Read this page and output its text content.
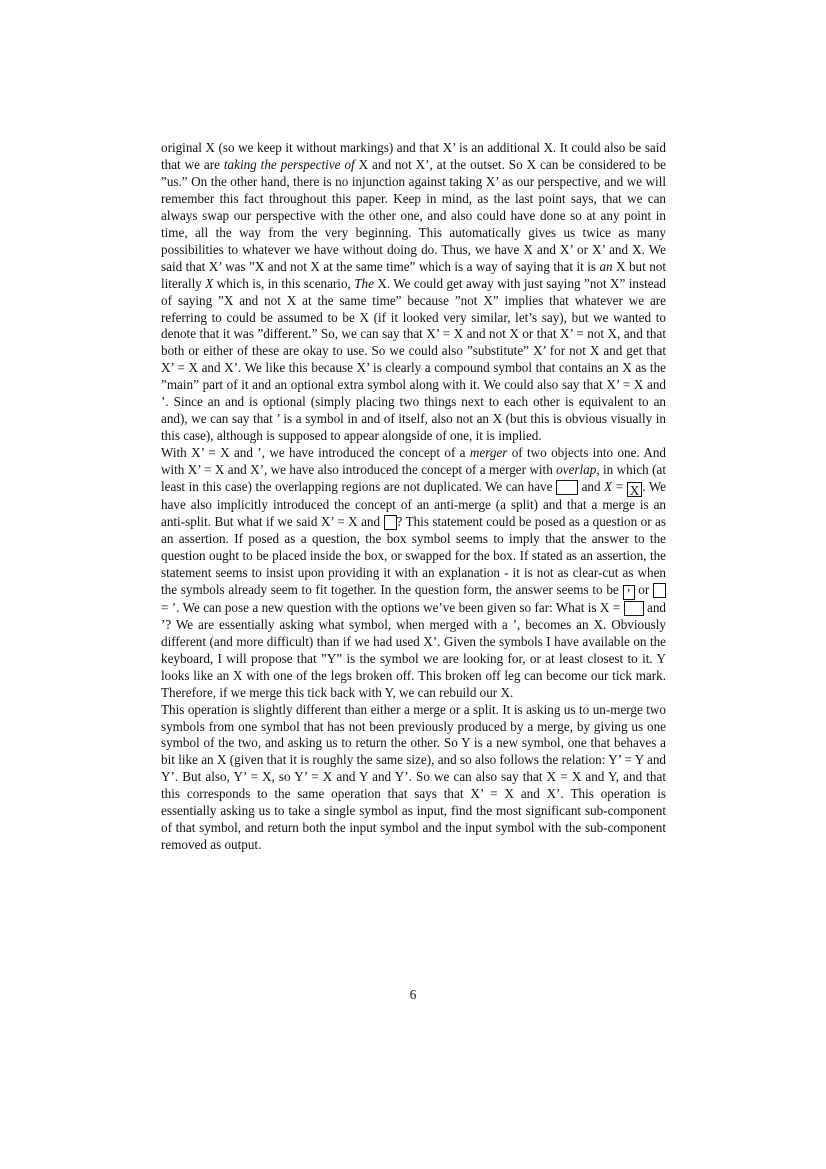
original X (so we keep it without markings) and that X’ is an additional X. It could also be said that we are taking the perspective of X and not X’, at the outset. So X can be considered to be ”us.” On the other hand, there is no injunction against taking X’ as our perspective, and we will remember this fact throughout this paper. Keep in mind, as the last point says, that we can always swap our perspective with the other one, and also could have done so at any point in time, all the way from the very beginning. This automatically gives us twice as many possibilities to whatever we have without doing do. Thus, we have X and X’ or X’ and X. We said that X’ was ”X and not X at the same time” which is a way of saying that it is an X but not literally X which is, in this scenario, The X. We could get away with just saying ”not X” instead of saying ”X and not X at the same time” because ”not X” implies that whatever we are referring to could be assumed to be X (if it looked very similar, let’s say), but we wanted to denote that it was ”different.” So, we can say that X’ = X and not X or that X’ = not X, and that both or either of these are okay to use. So we could also ”substitute” X’ for not X and get that X’ = X and X’. We like this because X’ is clearly a compound symbol that contains an X as the ”main” part of it and an optional extra symbol along with it. We could also say that X’ = X and ’. Since an and is optional (simply placing two things next to each other is equivalent to an and), we can say that ’ is a symbol in and of itself, also not an X (but this is obvious visually in this case), although is supposed to appear alongside of one, it is implied.

With X’ = X and ’, we have introduced the concept of a merger of two objects into one. And with X’ = X and X’, we have also introduced the concept of a merger with overlap, in which (at least in this case) the overlapping regions are not duplicated. We can have  and X = X . We have also implicitly introduced the concept of an anti-merge (a split) and that a merge is an anti-split. But what if we said X’ = X and ? This statement could be posed as a question or as an assertion. If posed as a question, the box symbol seems to imply that the answer to the question ought to be placed inside the box, or swapped for the box. If stated as an assertion, the statement seems to insist upon providing it with an explanation - it is not as clear-cut as when the symbols already seem to fit together. In the question form, the answer seems to be ’ or  = ’. We can pose a new question with the options we’ve been given so far: What is X =  and ’? We are essentially asking what symbol, when merged with a ’, becomes an X. Obviously different (and more difficult) than if we had used X’. Given the symbols I have available on the keyboard, I will propose that ”Y” is the symbol we are looking for, or at least closest to it. Y looks like an X with one of the legs broken off. This broken off leg can become our tick mark. Therefore, if we merge this tick back with Y, we can rebuild our X.

This operation is slightly different than either a merge or a split. It is asking us to un-merge two symbols from one symbol that has not been previously produced by a merge, by giving us one symbol of the two, and asking us to return the other. So Y is a new symbol, one that behaves a bit like an X (given that it is roughly the same size), and so also follows the relation: Y’ = Y and Y’. But also, Y’ = X, so Y’ = X and Y and Y’. So we can also say that X = X and Y, and that this corresponds to the same operation that says that X’ = X and X’. This operation is essentially asking us to take a single symbol as input, find the most significant sub-component of that symbol, and return both the input symbol and the input symbol with the sub-component removed as output.

6
